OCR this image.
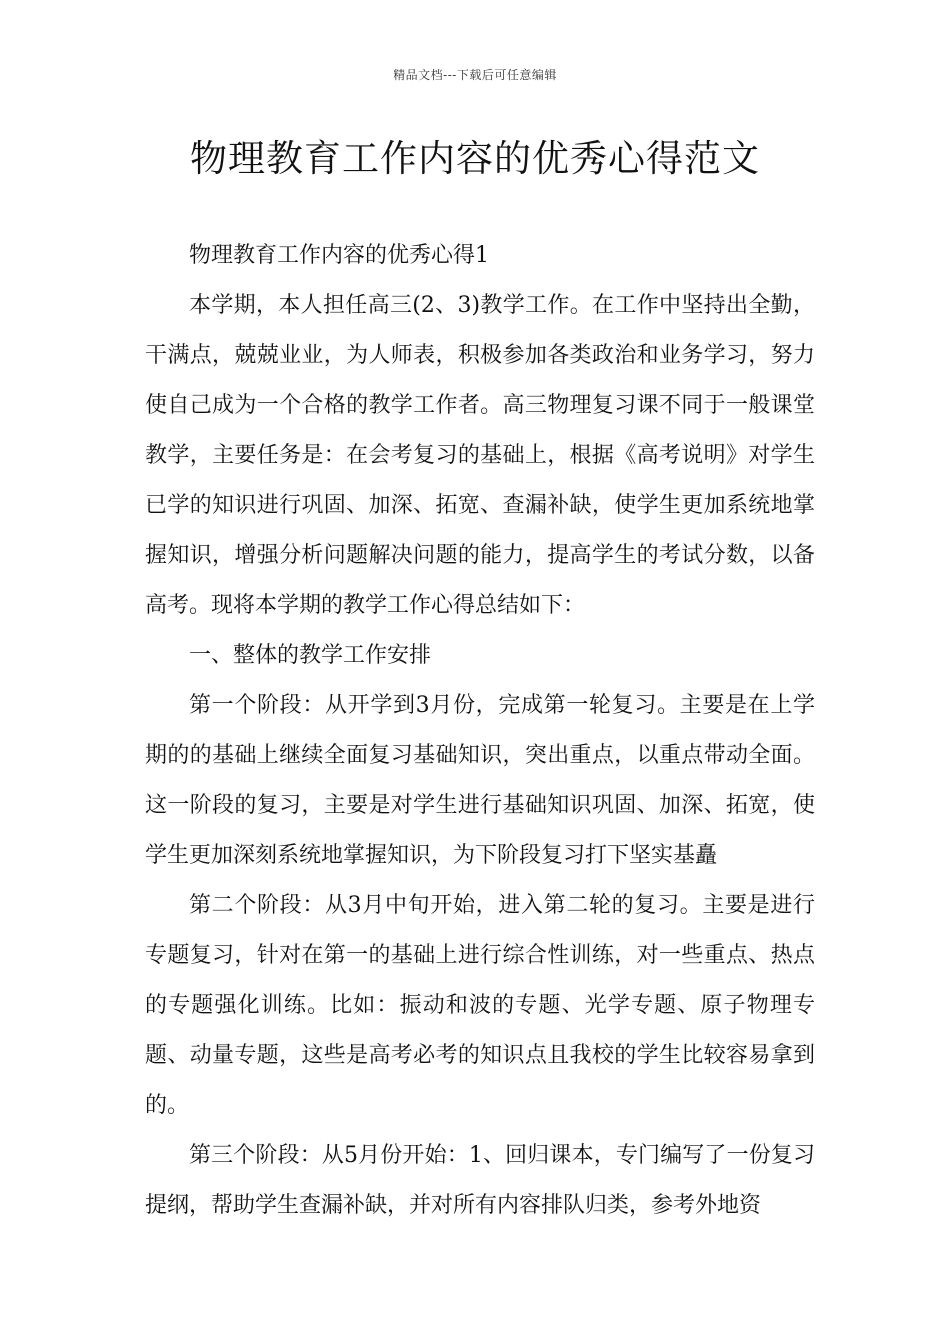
精品文档---下载后可任意编辑
物理教育工作内容的优秀心得范文

物理教育工作内容的优秀心得1

本学期，本人担任高三(2、3)教学工作。在工作中坚持出全勤，干满点，兢兢业业，为人师表，积极参加各类政治和业务学习，努力使自己成为一个合格的教学工作者。高三物理复习课不同于一般课堂教学，主要任务是：在会考复习的基础上，根据《高考说明》对学生已学的知识进行巩固、加深、拓宽、查漏补缺，使学生更加系统地掌握知识，增强分析问题解决问题的能力，提高学生的考试分数，以备高考。现将本学期的教学工作心得总结如下：

一、整体的教学工作安排

第一个阶段：从开学到3月份，完成第一轮复习。主要是在上学期的的基础上继续全面复习基础知识，突出重点，以重点带动全面。这一阶段的复习，主要是对学生进行基础知识巩固、加深、拓宽，使学生更加深刻系统地掌握知识，为下阶段复习打下坚实基矗

第二个阶段：从3月中旬开始，进入第二轮的复习。主要是进行专题复习，针对在第一的基础上进行综合性训练，对一些重点、热点的专题强化训练。比如：振动和波的专题、光学专题、原子物理专题、动量专题，这些是高考必考的知识点且我校的学生比较容易拿到的。

第三个阶段：从5月份开始：1、回归课本，专门编写了一份复习提纲，帮助学生查漏补缺，并对所有内容排队归类，参考外地资
